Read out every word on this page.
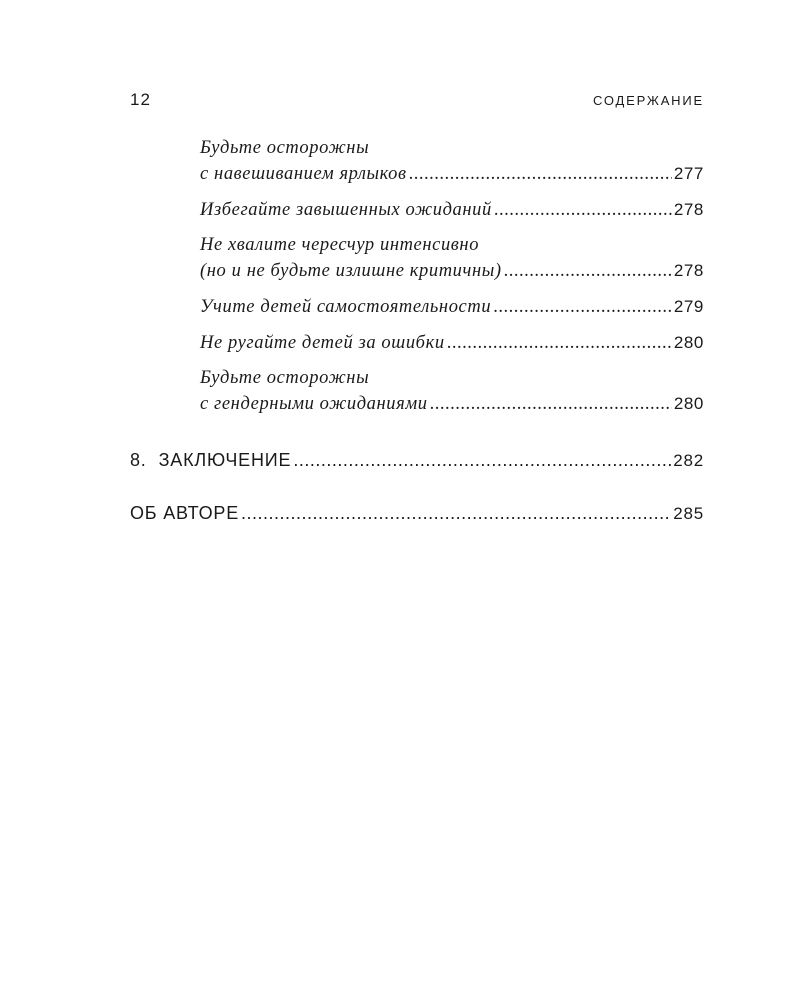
12	СОДЕРЖАНИЕ
Будьте осторожны
с навешиванием ярлыков .....	277
Избегайте завышенных ожиданий .....	278
Не хвалите чересчур интенсивно
(но и не будьте излишне критичны) .....	278
Учите детей самостоятельности .....	279
Не ругайте детей за ошибки .....	280
Будьте осторожны
с гендерными ожиданиями .....	280
8. ЗАКЛЮЧЕНИЕ .....	282
ОБ АВТОРЕ .....	285
